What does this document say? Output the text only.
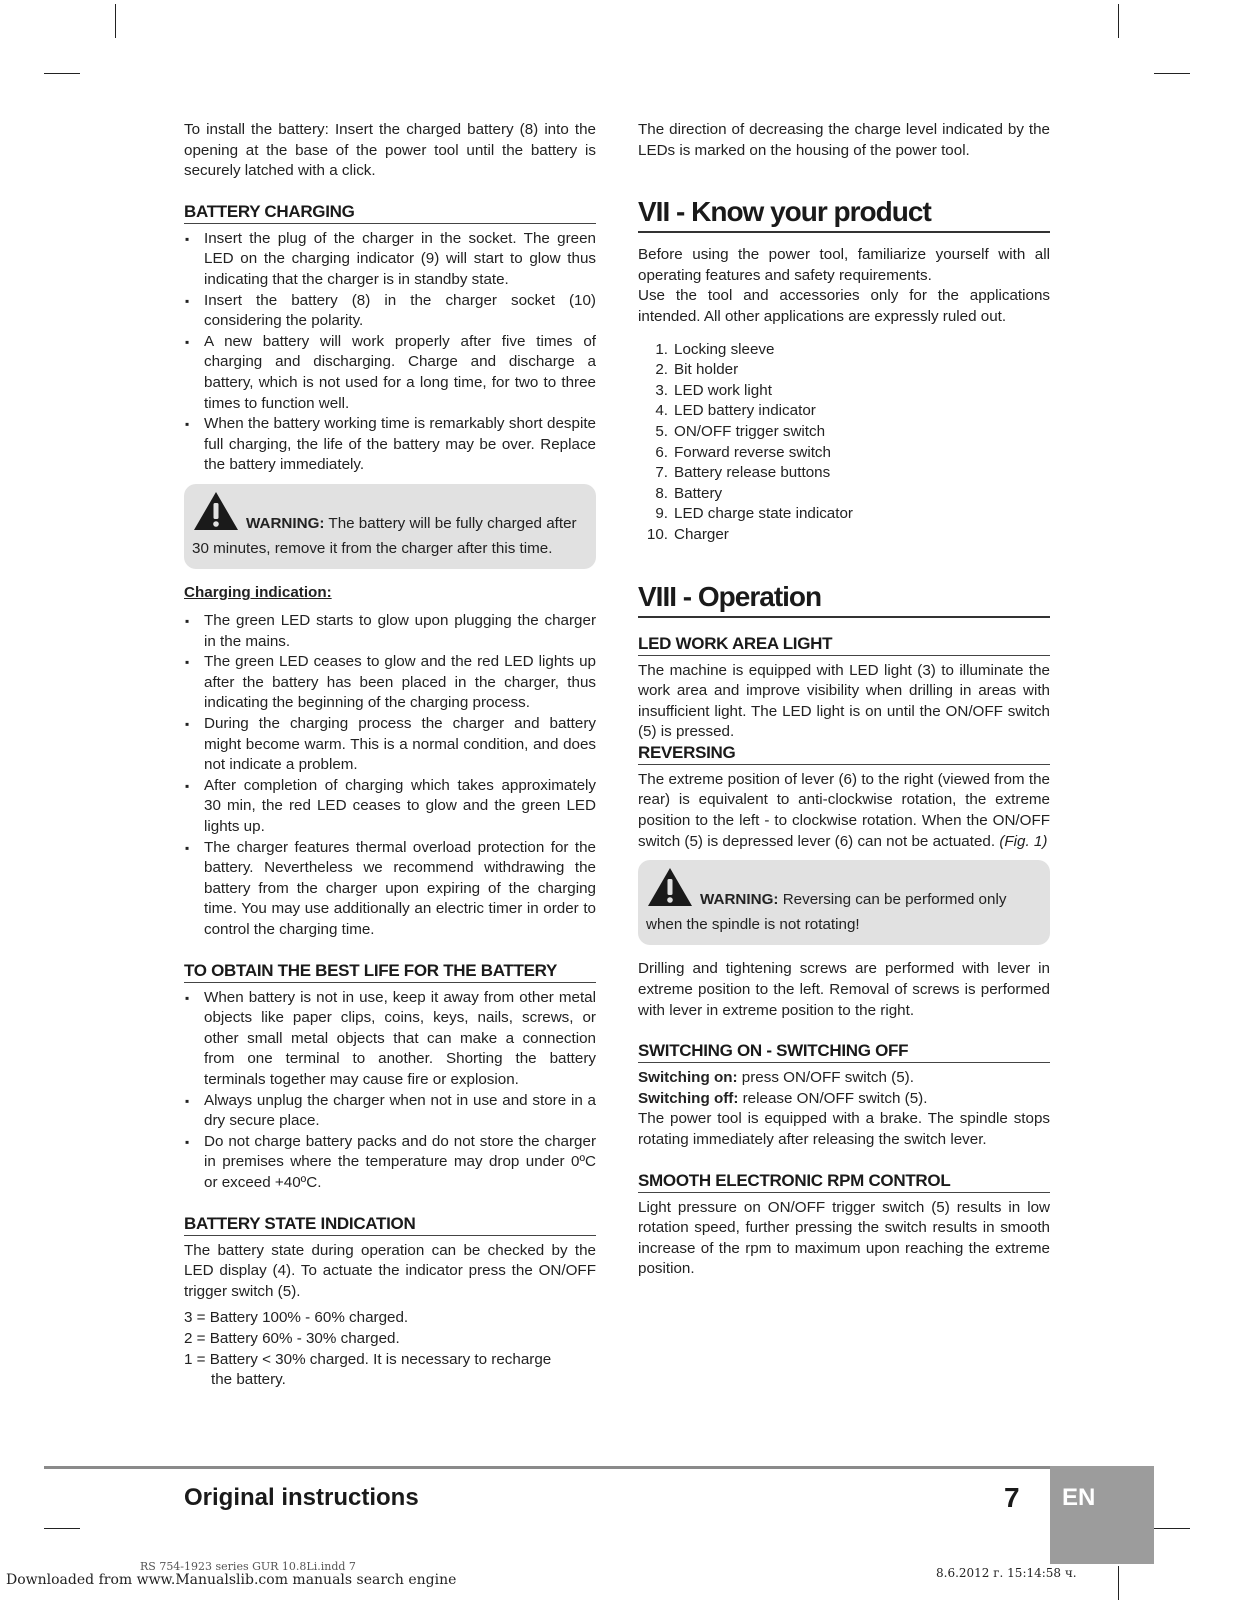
To install the battery: Insert the charged battery (8) into the opening at the base of the power tool until the battery is securely latched with a click.

BATTERY CHARGING
▪ Insert the plug of the charger in the socket. The green LED on the charging indicator (9) will start to glow thus indicating that the charger is in standby state.
▪ Insert the battery (8) in the charger socket (10) considering the polarity.
▪ A new battery will work properly after five times of charging and discharging. Charge and discharge a battery, which is not used for a long time, for two to three times to function well.
▪ When the battery working time is remarkably short despite full charging, the life of the battery may be over. Replace the battery immediately.
WARNING: The battery will be fully charged after 30 minutes, remove it from the charger after this time.
Charging indication:
▪ The green LED starts to glow upon plugging the charger in the mains.
▪ The green LED ceases to glow and the red LED lights up after the battery has been placed in the charger, thus indicating the beginning of the charging process.
▪ During the charging process the charger and battery might become warm. This is a normal condition, and does not indicate a problem.
▪ After completion of charging which takes approximately 30 min, the red LED ceases to glow and the green LED lights up.
▪ The charger features thermal overload protection for the battery. Nevertheless we recommend withdrawing the battery from the charger upon expiring of the charging time. You may use additionally an electric timer in order to control the charging time.
TO OBTAIN THE BEST LIFE FOR THE BATTERY
▪ When battery is not in use, keep it away from other metal objects like paper clips, coins, keys, nails, screws, or other small metal objects that can make a connection from one terminal to another. Shorting the battery terminals together may cause fire or explosion.
▪ Always unplug the charger when not in use and store in a dry secure place.
▪ Do not charge battery packs and do not store the charger in premises where the temperature may drop under 0ºC or exceed +40ºC.
BATTERY STATE INDICATION

The battery state during operation can be checked by the LED display (4). To actuate the indicator press the ON/OFF trigger switch (5).

3 = Battery 100% - 60% charged.
2 = Battery 60% - 30% charged.
1 = Battery < 30% charged. It is necessary to recharge
the battery.

The direction of decreasing the charge level indicated by the LEDs is marked on the housing of the power tool.

VII - Know your product

Before using the power tool, familiarize yourself with all operating features and safety requirements.

Use the tool and accessories only for the applications intended. All other applications are expressly ruled out.

1. Locking sleeve
2. Bit holder
3. LED work light
4. LED battery indicator
5. ON/OFF trigger switch
6. Forward reverse switch
7. Battery release buttons
8. Battery
9. LED charge state indicator
10. Charger
VIII - Operation
LED WORK AREA LIGHT

The machine is equipped with LED light (3) to illuminate the work area and improve visibility when drilling in areas with insufficient light. The LED light is on until the ON/OFF switch (5) is pressed.

REVERSING

The extreme position of lever (6) to the right (viewed from the rear) is equivalent to anti-clockwise rotation, the extreme position to the left - to clockwise rotation. When the ON/OFF switch (5) is depressed lever (6) can not be actuated. (Fig. 1)

WARNING: Reversing can be performed only when the spindle is not rotating!

Drilling and tightening screws are performed with lever in extreme position to the left. Removal of screws is performed with lever in extreme position to the right.

SWITCHING ON - SWITCHING OFF

Switching on: press ON/OFF switch (5).

Switching off: release ON/OFF switch (5).

The power tool is equipped with a brake. The spindle stops rotating immediately after releasing the switch lever.

SMOOTH ELECTRONIC RPM CONTROL

Light pressure on ON/OFF trigger switch (5) results in low rotation speed, further pressing the switch results in smooth increase of the rpm to maximum upon reaching the extreme position.

Original instructions	7 EN
Downloaded from www.Manualslib.com manuals search engine
RS 754-1923 series GUR 10.8Li.indd 7	8.6.2012 г. 15:14:58 ч.
